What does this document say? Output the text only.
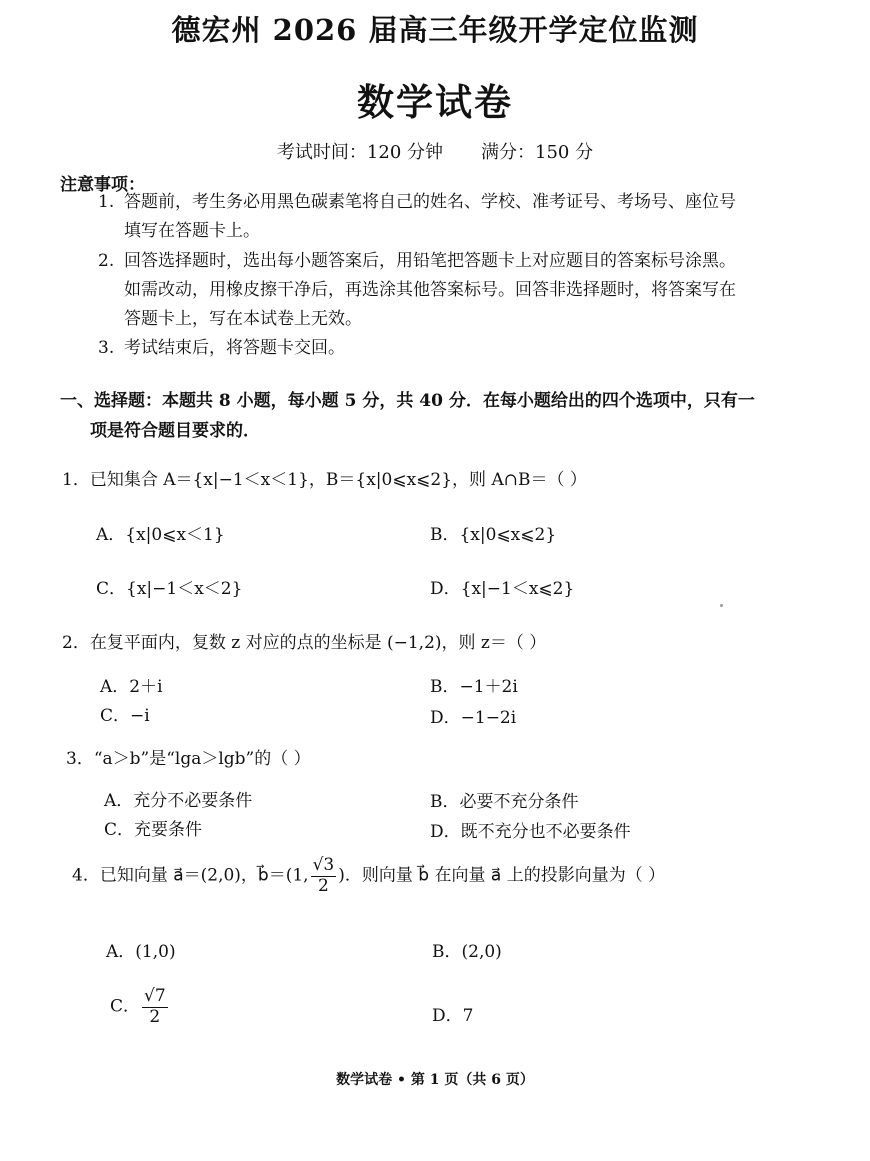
德宏州 2026 届高三年级开学定位监测
数学试卷
考试时间：120 分钟 满分：150 分
注意事项：
1. 答题前，考生务必用黑色碳素笔将自己的姓名、学校、准考证号、考场号、座位号
填写在答题卡上。
2. 回答选择题时，选出每小题答案后，用铅笔把答题卡上对应题目的答案标号涂黑。
如需改动，用橡皮擦干净后，再选涂其他答案标号。回答非选择题时，将答案写在
答题卡上，写在本试卷上无效。
3. 考试结束后，将答题卡交回。
一、选择题：本题共 8 小题，每小题 5 分，共 40 分．在每小题给出的四个选项中，只有一
项是符合题目要求的．
1．已知集合 A＝{x|−1＜x＜1}，B＝{x|0⩽x⩽2}，则 A∩B＝（ ）
A．{x|0⩽x＜1}	B．{x|0⩽x⩽2}
C．{x|−1＜x＜2}	D．{x|−1＜x⩽2}
2．在复平面内，复数 z 对应的点的坐标是 (−1,2)，则 z＝（ ）
A．2＋i	B．−1＋2i
C．−i	D．−1−2i
3．“a＞b”是“lga＞lgb”的（ ）
A．充分不必要条件	B．必要不充分条件
C．充要条件	D．既不充分也不必要条件
4．已知向量 a⃗＝(2,0)，b⃗＝(1, $\frac{√3}{2}$ )．则向量 b⃗ 在向量 a⃗ 上的投影向量为（ ）
A．(1,0)	B．(2,0)
C． $\frac{√7}{2}$	D．7
数学试卷 • 第 1 页（共 6 页）
